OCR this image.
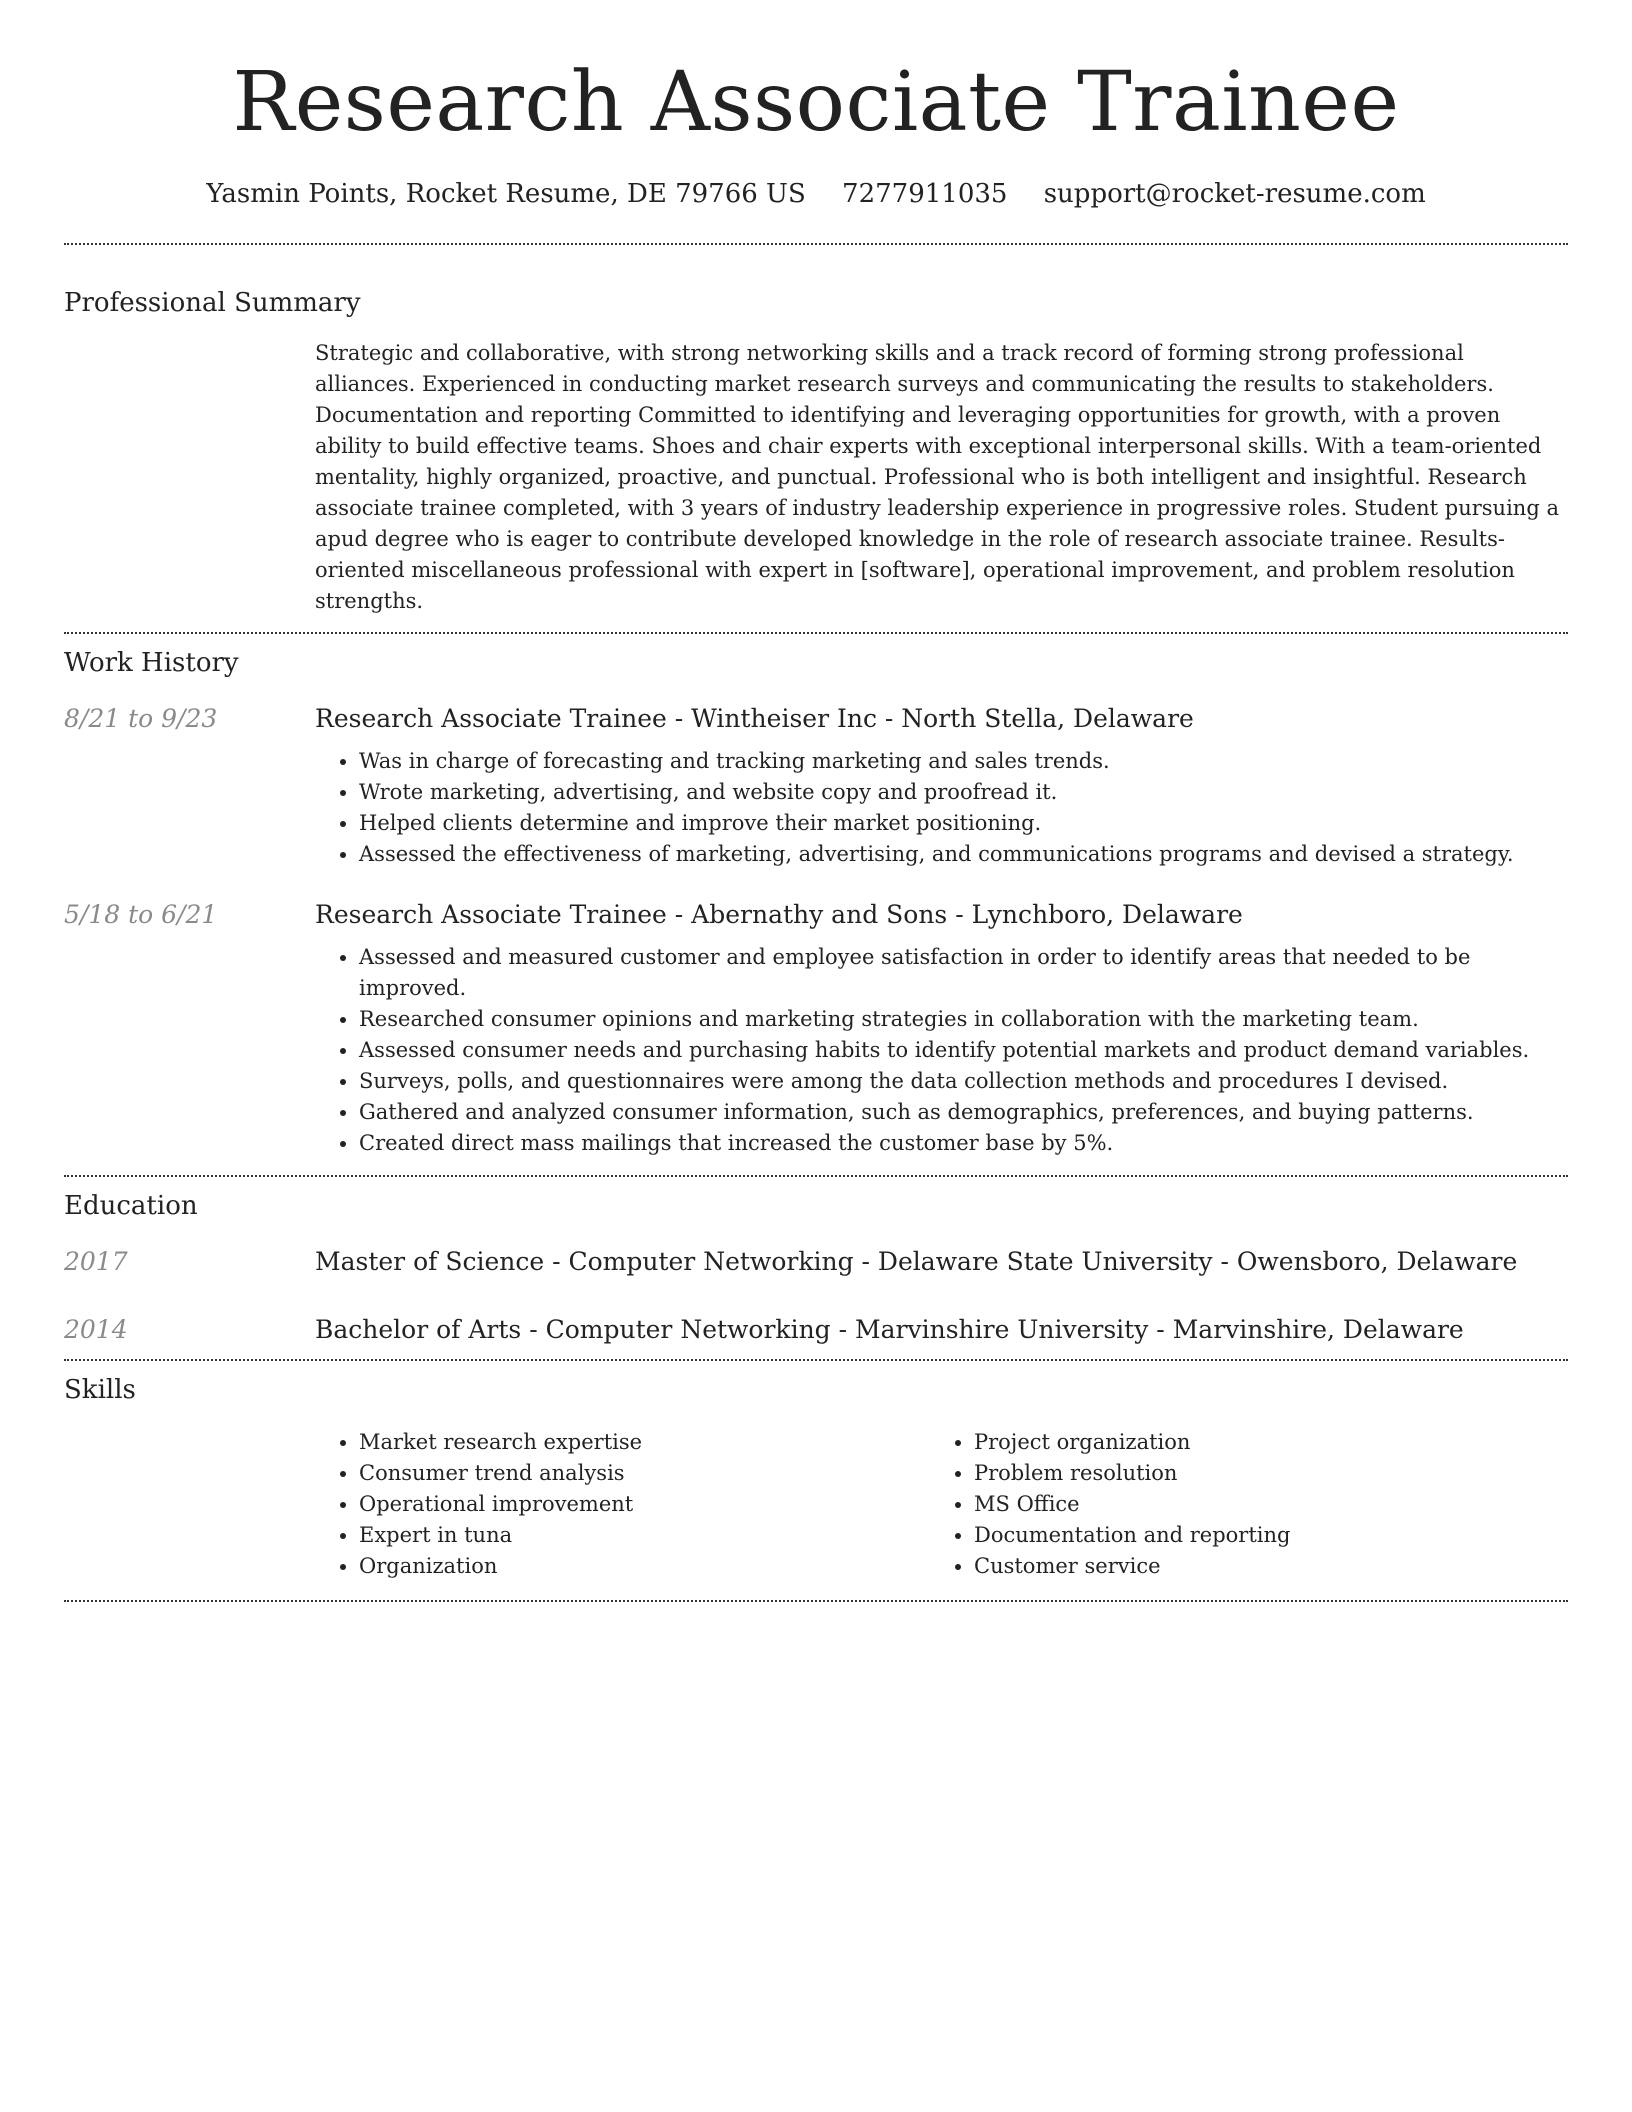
Research Associate Trainee
Yasmin Points, Rocket Resume, DE 79766 US 7277911035 support@rocket-resume.com
Professional Summary

Strategic and collaborative, with strong networking skills and a track record of forming strong professional alliances. Experienced in conducting market research surveys and communicating the results to stakeholders. Documentation and reporting Committed to identifying and leveraging opportunities for growth, with a proven ability to build effective teams. Shoes and chair experts with exceptional interpersonal skills. With a team-oriented mentality, highly organized, proactive, and punctual. Professional who is both intelligent and insightful. Research associate trainee completed, with 3 years of industry leadership experience in progressive roles. Student pursuing a apud degree who is eager to contribute developed knowledge in the role of research associate trainee. Results-oriented miscellaneous professional with expert in [software], operational improvement, and problem resolution strengths.

Work History
8/21 to 9/23	Research Associate Trainee - Wintheiser Inc - North Stella, Delaware

• Was in charge of forecasting and tracking marketing and sales trends.
• Wrote marketing, advertising, and website copy and proofread it.
• Helped clients determine and improve their market positioning.
• Assessed the effectiveness of marketing, advertising, and communications programs and devised a strategy.
5/18 to 6/21	Research Associate Trainee - Abernathy and Sons - Lynchboro, Delaware

• Assessed and measured customer and employee satisfaction in order to identify areas that needed to be improved.
• Researched consumer opinions and marketing strategies in collaboration with the marketing team.
• Assessed consumer needs and purchasing habits to identify potential markets and product demand variables.
• Surveys, polls, and questionnaires were among the data collection methods and procedures I devised.
• Gathered and analyzed consumer information, such as demographics, preferences, and buying patterns.
• Created direct mass mailings that increased the customer base by 5%.
Education
2017	Master of Science - Computer Networking - Delaware State University - Owensboro, Delaware

2014	Bachelor of Arts - Computer Networking - Marvinshire University - Marvinshire, Delaware

Skills
• Market research expertise
• Consumer trend analysis
• Operational improvement
• Expert in tuna
• Organization
• Project organization
• Problem resolution
• MS Office
• Documentation and reporting
• Customer service
